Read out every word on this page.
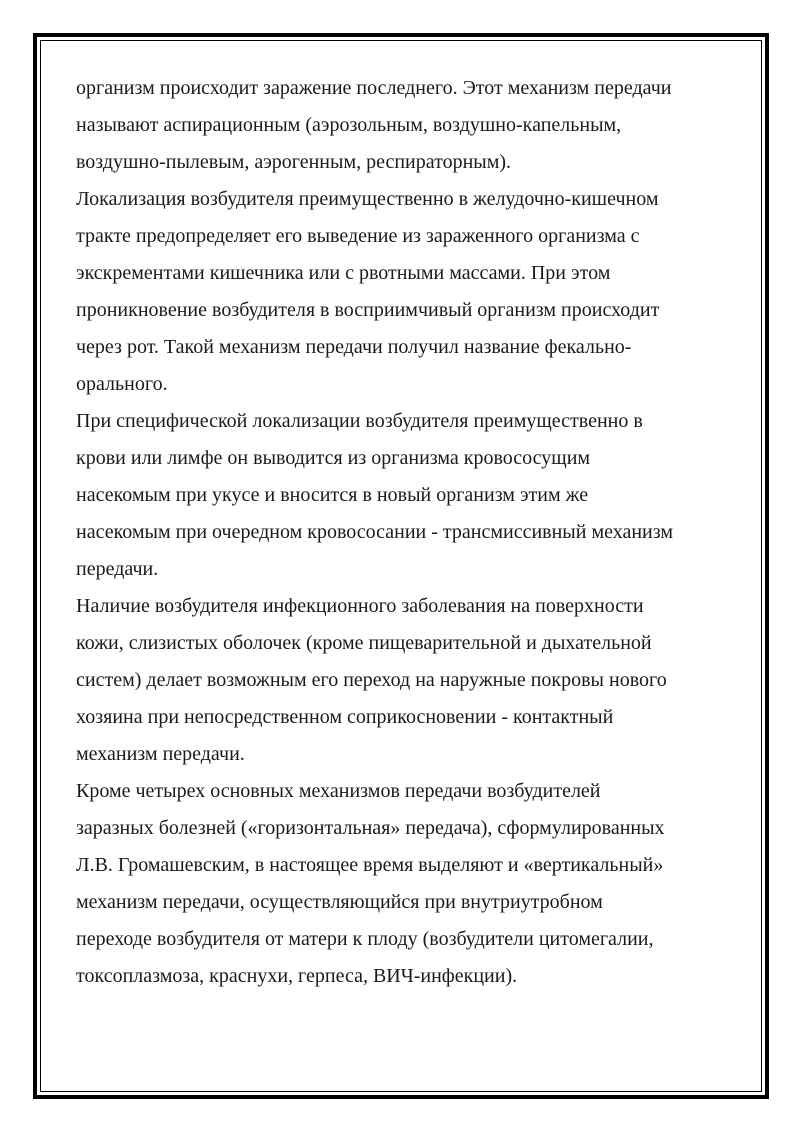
организм происходит заражение последнего. Этот механизм передачи
называют аспирационным (аэрозольным, воздушно-капельным,
воздушно-пылевым, аэрогенным, респираторным).
Локализация возбудителя преимущественно в желудочно-кишечном
тракте предопределяет его выведение из зараженного организма с
экскрементами кишечника или с рвотными массами. При этом
проникновение возбудителя в восприимчивый организм происходит
через рот. Такой механизм передачи получил название фекально-
орального.
При специфической локализации возбудителя преимущественно в
крови или лимфе он выводится из организма кровососущим
насекомым при укусе и вносится в новый организм этим же
насекомым при очередном кровососании - трансмиссивный механизм
передачи.
Наличие возбудителя инфекционного заболевания на поверхности
кожи, слизистых оболочек (кроме пищеварительной и дыхательной
систем) делает возможным его переход на наружные покровы нового
хозяина при непосредственном соприкосновении - контактный
механизм передачи.
Кроме четырех основных механизмов передачи возбудителей
заразных болезней («горизонтальная» передача), сформулированных
Л.В. Громашевским, в настоящее время выделяют и «вертикальный»
механизм передачи, осуществляющийся при внутриутробном
переходе возбудителя от матери к плоду (возбудители цитомегалии,
токсоплазмоза, краснухи, герпеса, ВИЧ-инфекции).
